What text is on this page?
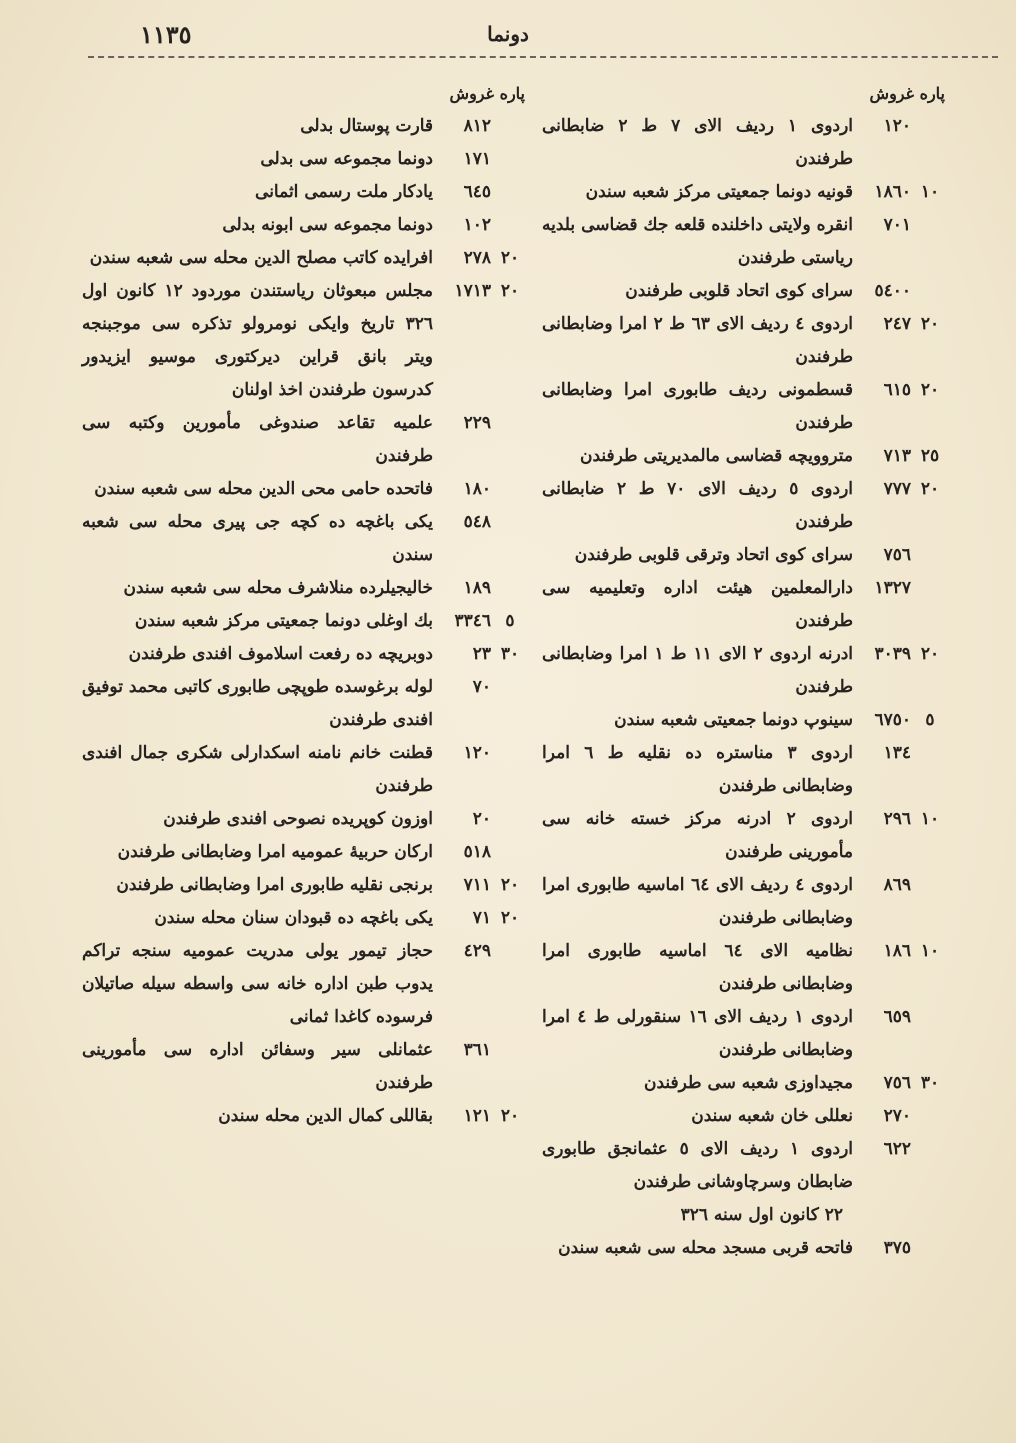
١١٣٥	دونما
پاره غروش
١٢٠
اردوی ١ رديف الاى ٧ ط ٢ ضابطانى طرفندن
١٠
١٨٦٠
قونيه دونما جمعيتى مركز شعبه سندن
٧٠١
انقره ولايتى داخلنده قلعه جك قضاسى بلديه رياستى طرفندن
٥٤٠٠
سراى كوى اتحاد قلوبى طرفندن
٢٠
٢٤٧
اردوى ٤ رديف الاى ٦٣ ط ٢ امرا وضابطانى طرفندن
٢٠
٦١٥
قسطمونى رديف طابورى امرا وضابطانى طرفندن
٢٥
٧١٣
متروويچه قضاسى مالمديريتى طرفندن
٢٠
٧٧٧
اردوى ٥ رديف الاى ٧٠ ط ٢ ضابطانى طرفندن
٧٥٦
سراى كوى اتحاد وترقى قلوبى طرفندن
١٣٢٧
دارالمعلمين هيئت اداره وتعليميه سى طرفندن
٢٠
٣٠٣٩
ادرنه اردوى ٢ الاى ١١ ط ١ امرا وضابطانى طرفندن
٥
٦٧٥٠
سينوپ دونما جمعيتى شعبه سندن
١٣٤
اردوى ٣ مناستره ده نقليه ط ٦ امرا وضابطانى طرفندن
١٠
٢٩٦
اردوى ٢ ادرنه مركز خسته خانه سى مأمورينى طرفندن
٨٦٩
اردوى ٤ رديف الاى ٦٤ اماسيه طابورى امرا وضابطانى طرفندن
١٠
١٨٦
نظاميه الاى ٦٤ اماسيه طابورى امرا وضابطانى طرفندن
٦٥٩
اردوى ١ رديف الاى ١٦ سنقورلى ط ٤ امرا وضابطانى طرفندن
٣٠
٧٥٦
مجيداوزى شعبه سى طرفندن
٢٧٠
نعللى خان شعبه سندن
٦٢٢
اردوى ١ رديف الاى ٥ عثمانجق طابورى ضابطان وسرچاوشانى طرفندن
٢٢ كانون اول سنه ٣٢٦
٣٧٥
فاتحه قربى مسجد محله سى شعبه سندن
پاره غروش
٨١٢
قارت پوستال بدلى
١٧١
دونما مجموعه سى بدلى
٦٤٥
يادكار ملت رسمى اثمانى
١٠٢
دونما مجموعه سى ابونه بدلى
٢٠
٢٧٨
افرايده كاتب مصلح الدين محله سى شعبه سندن
٢٠
١٧١٣
مجلس مبعوثان رياستندن موردود ١٢ كانون اول ٣٢٦ تاريخ وايكى نومرولو تذكره سى موجبنجه ويتر بانق قراين ديركتورى موسيو ايزيدور كدرسون طرفندن اخذ اولنان
٢٢٩
علميه تقاعد صندوغى مأمورين وكتبه سى طرفندن
١٨٠
فاتحده حامى محى الدين محله سى شعبه سندن
٥٤٨
يكى باغچه ده كچه جى پيرى محله سى شعبه سندن
١٨٩
خاليجيلرده منلاشرف محله سى شعبه سندن
٥
٣٣٤٦
بك اوغلى دونما جمعيتى مركز شعبه سندن
٣٠
٢٣
دوبريچه ده رفعت اسلاموف افندى طرفندن
٧٠
لوله برغوسده طوپچى طابورى كاتبى محمد توفيق افندى طرفندن
١٢٠
قطنت خانم نامنه اسكدارلى شكرى جمال افندى طرفندن
٢٠
اوزون كوپريده نصوحى افندى طرفندن
٥١٨
اركان حربيهٔ عموميه امرا وضابطانى طرفندن
٢٠
٧١١
برنجى نقليه طابورى امرا وضابطانى طرفندن
٢٠
٧١
يكى باغچه ده قبودان سنان محله سندن
٤٢٩
حجاز تيمور يولى مدريت عموميه سنجه تراكم يدوب طبن اداره خانه سى واسطه سيله صاتيلان فرسوده كاغدا ثمانى
٣٦١
عثمانلى سير وسفائن اداره سى مأمورينى طرفندن
٢٠
١٢١
بقاللى كمال الدين محله سندن
